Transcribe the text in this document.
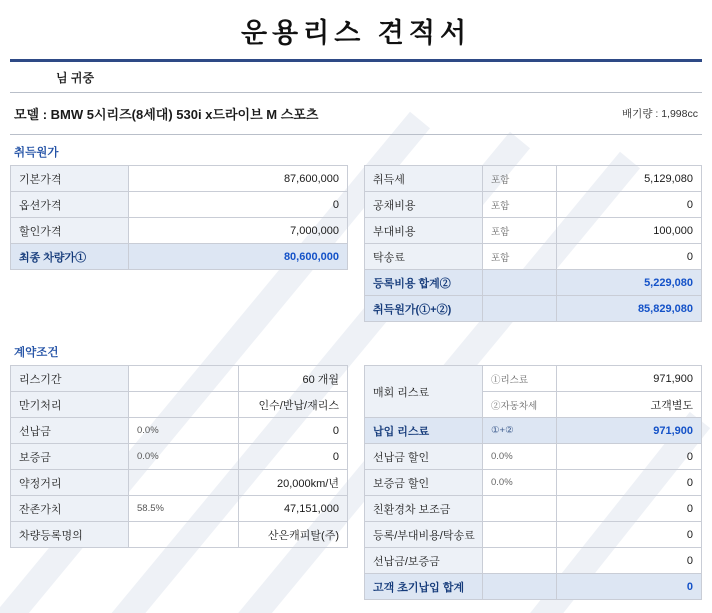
운용리스 견적서
님 귀중
모델 : BMW 5시리즈(8세대) 530i x드라이브 M 스포츠	배기량 : 1,998cc
취득원가
기본가격	87,600,000
옵션가격	0
할인가격	7,000,000
최종 차량가①	80,600,000
취득세	포함	5,129,080
공채비용	포함	0
부대비용	포함	100,000
탁송료	포함	0
등록비용 합계②		5,229,080
취득원가(①+②)		85,829,080
계약조건
리스기간		60 개월
만기처리		인수/반납/재리스
선납금	0.0%	0
보증금	0.0%	0
약정거리		20,000km/년
잔존가치	58.5%	47,151,000
차량등록명의		산은캐피탈(주)
매회 리스료	①리스료	971,900
	②자동차세	고객별도
납입 리스료	①+②	971,900
선납금 할인	0.0%	0
보증금 할인	0.0%	0
친환경차 보조금		0
등록/부대비용/탁송료		0
선납금/보증금		0
고객 초기납입 합계		0
